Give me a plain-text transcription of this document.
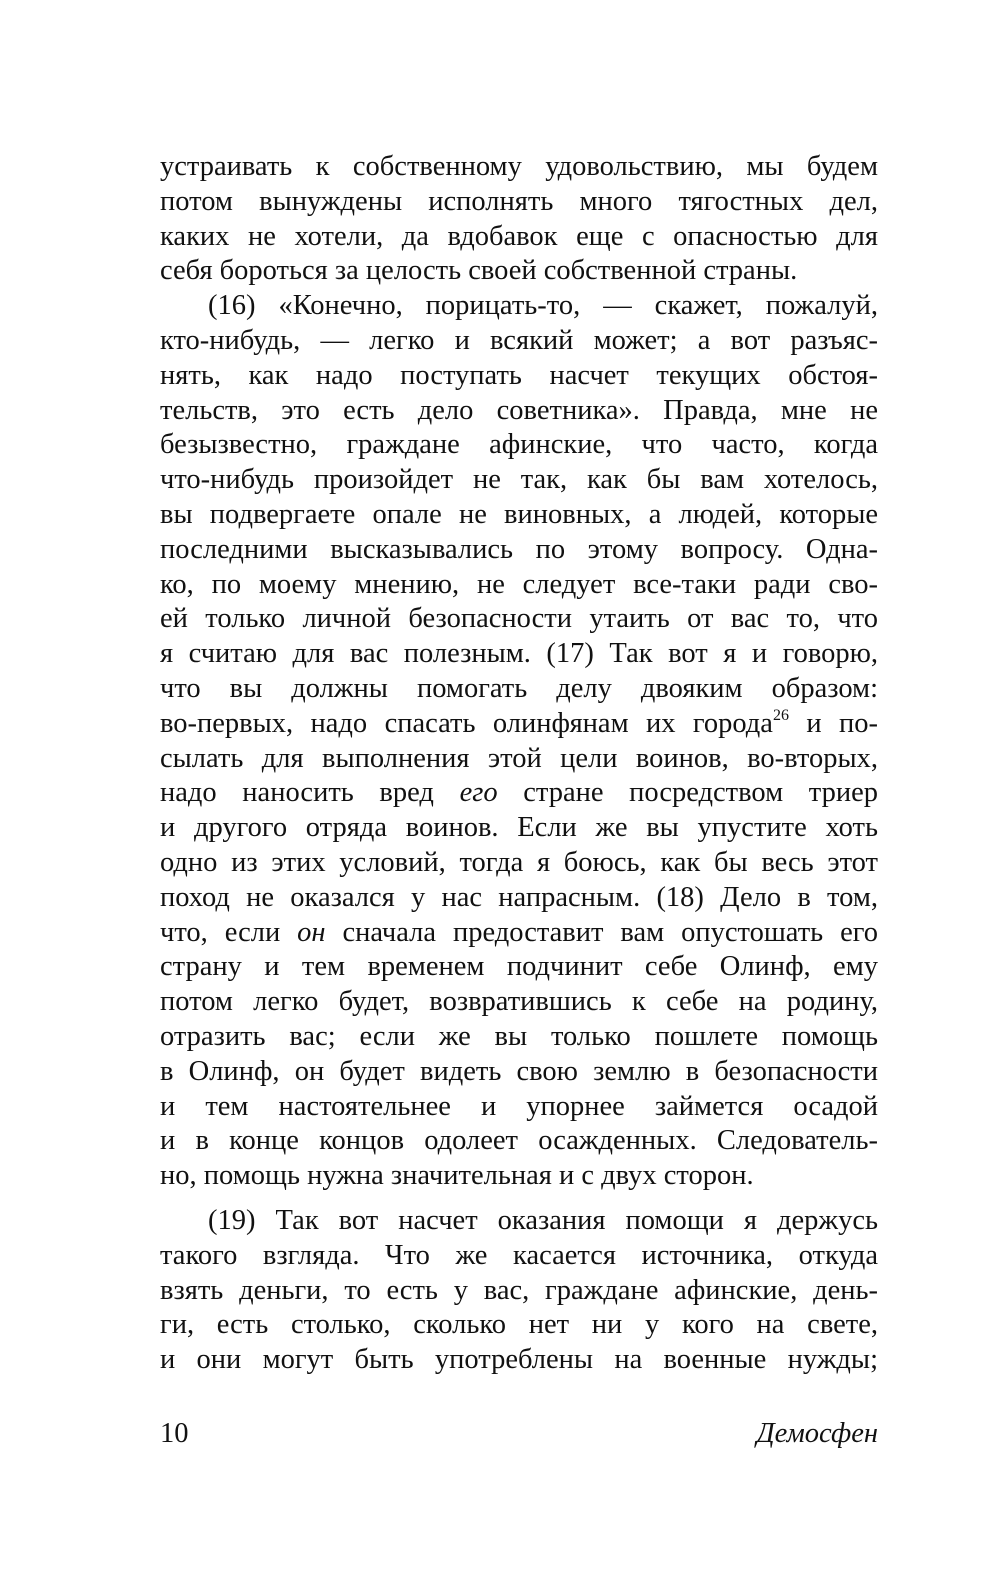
устраивать к собственному удовольствию, мы будем
потом вынуждены исполнять много тягостных дел,
каких не хотели, да вдобавок еще с опасностью для
себя бороться за целость своей собственной страны.
(16) «Конечно, порицать-то, — скажет, пожалуй,
кто-нибудь, — легко и всякий может; а вот разъяс-
нять, как надо поступать насчет текущих обстоя-
тельств, это есть дело советника». Правда, мне не
безызвестно, граждане афинские, что часто, когда
что-нибудь произойдет не так, как бы вам хотелось,
вы подвергаете опале не виновных, а людей, которые
последними высказывались по этому вопросу. Одна-
ко, по моему мнению, не следует все-таки ради сво-
ей только личной безопасности утаить от вас то, что
я считаю для вас полезным. (17) Так вот я и говорю,
что вы должны помогать делу двояким образом:
во-первых, надо спасать олинфянам их города$^{26}$ и по-
сылать для выполнения этой цели воинов, во-вторых,
надо наносить вред его стране посредством триер
и другого отряда воинов. Если же вы упустите хоть
одно из этих условий, тогда я боюсь, как бы весь этот
поход не оказался у нас напрасным. (18) Дело в том,
что, если он сначала предоставит вам опустошать его
страну и тем временем подчинит себе Олинф, ему
потом легко будет, возвратившись к себе на родину,
отразить вас; если же вы только пошлете помощь
в Олинф, он будет видеть свою землю в безопасности
и тем настоятельнее и упорнее займется осадой
и в конце концов одолеет осажденных. Следователь-
но, помощь нужна значительная и с двух сторон.
(19) Так вот насчет оказания помощи я держусь
такого взгляда. Что же касается источника, откуда
взять деньги, то есть у вас, граждане афинские, день-
ги, есть столько, сколько нет ни у кого на свете,
и они могут быть употреблены на военные нужды;
10	Демосфен
